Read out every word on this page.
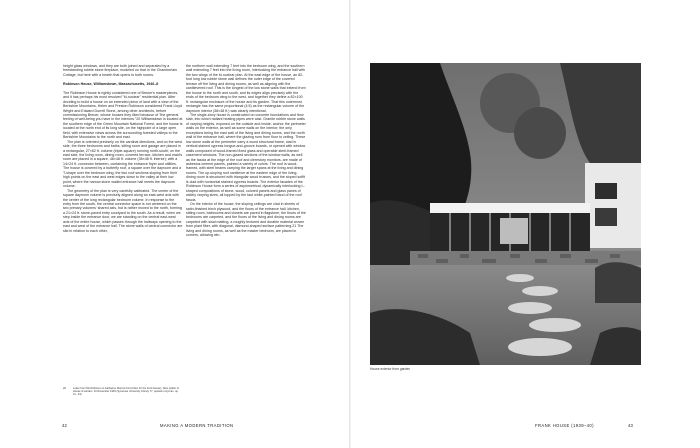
height glass windows, and they are both joined and separated by a freestanding rubble stone fireplace, modeled on that in the Chamberlain Cottage, but here with a hearth that opens to both rooms.

Robinson House, Williamstown, Massachusetts, 1946–8

The Robinson House is rightly considered one of Breuer's masterpieces, and it has perhaps his most resolved "bi-nuclear" residential plan. After deciding to build a house on an extended piece of land with a view of the Berkshire Mountains, Helen and Preston Robinson considered Frank Lloyd Wright and Edward Durrell Stone, among other architects, before commissioning Breuer, whose houses they liked because of "the general feeling of well-being you have in the interiors."20 Williamstown is located at the southern edge of the Green Mountain National Forest, and the house is located at the north end of its long site, on the highpoint of a large open field, with extensive views across the surrounding forested valleys to the Berkshire Mountains to the north and east.

The plan is oriented precisely on the cardinal directions, and on the west side, the three bedrooms and baths, sitting room and garage are placed in a rectangular, 27×62 ft. volume (triple-square) running north-south; on the east side, the living room, dining room, covered terrace, kitchen and maid's room are placed in a square, 48×48 ft. volume (38×48 ft. interior); with a 14×24 ft. connector between, containing the entrance foyer and utilities. The house is covered by a butterfly roof, a square over the dayroom and a T-shape over the bedroom wing; the two roof sections sloping from their high points on the east and west edges down to the valley at their low point, where the narrow stone walled entrance hall meets the dayroom volume.

The geometry of the plan is very carefully calibrated. The center of the square dayroom volume is precisely aligned along an east-west axis with the center of the long rectangular bedroom volume. In response to the entry from the south, the central connector space is not centered on the two primary volumes' shared axis, but is rather moved to the north, forming a 21×24 ft. stone-paved entry courtyard to the south. As a result, when we step inside the entrance door, we are standing on the central east-west axis of the entire house, which passes through the hallways opening to the east and west of the entrance hall. The stone walls of central connector are slid in relation to each other,

the northern wall extending 7 feet into the bedroom wing, and the southern wall extending 7 feet into the living room, interlocking the entrance hall with the two wings of the bi-nuclear plan. At the east edge of the house, an 82-foot long low rubble stone wall defines the outer edge of the covered terrace off the living and dining rooms, as well as aligning with the cantilevered roof. This is the longest of the low stone walls that extend from the house to the north and south, and its edges align precisely with the ends of the bedroom wing to the west, and together they define a 82×100 ft. rectangular enclosure of the house and its garden. That this outermost rectangle has the same proportional (4:5) as the rectangular volume of the dayroom interior (38×48 ft.) was clearly intentional.

The single-story house is constructed on concrete foundations and floor slab, into which radiant heating pipes were cast. Granite rubble stone walls of varying heights, exposed on the outside and inside, anchor the perimeter walls on the exterior, as well as some walls on the interior; the only exceptions being the east wall of the living and dining rooms, and the north wall of the entrance hall, where the glazing runs from floor to ceiling. These low stone walls at the perimeter carry a wood structural frame, clad in vertical stained cypress tongue-and-groove boards, or opened with window walls composed of wood-framed fixed glass and operable steel-framed casement windows. The non-glazed sections of the window walls, as well as the fascia at the edge of the roof and clerestory monitors, are made of asbestos cement panels, painted a variety of colors. The roof is wood-framed, with steel beams carrying the larger spans at the living and dining rooms. The up-sloping roof cantilever at the eastern edge of the living-dining room is structured with triangular wood trusses, and the sloped soffit is clad with horizontal stained cypress boards. The exterior facades of the Robinson House form a series of asymmetrical, dynamically interlocking L-shaped compositions of stone, wood, colored panels and glass panes of widely varying sizes, all topped by the taut white-painted band of the roof fascia.

On the interior of the house, the sloping ceilings are clad in sheets of satin-finished birch plywood, and the floors of the entrance hall, kitchen, sitting room, bathrooms and closets are paved in flagstone, the floors of the bedrooms are carpeted, and the floors of the living and dining rooms are carpeted with sisal matting, a roughly textured and durable material woven from plant fiber, with diagonal, diamond-shaped surface patterning.21 The living and dining rooms, as well as the master bedroom, are placed in corners, allowing win-

20	Letter from Ms Robinson to Katharine Morrow Ford (then for the Ford House). Now (editor of House & Garden, 16 November 1946 (Syracuse University Library 77, quoted in Hyman, op. cit., 34).
42	MAKING A MODERN TRADITION
House exterior from garden
FRANK HOUSE (1939–40)	43
